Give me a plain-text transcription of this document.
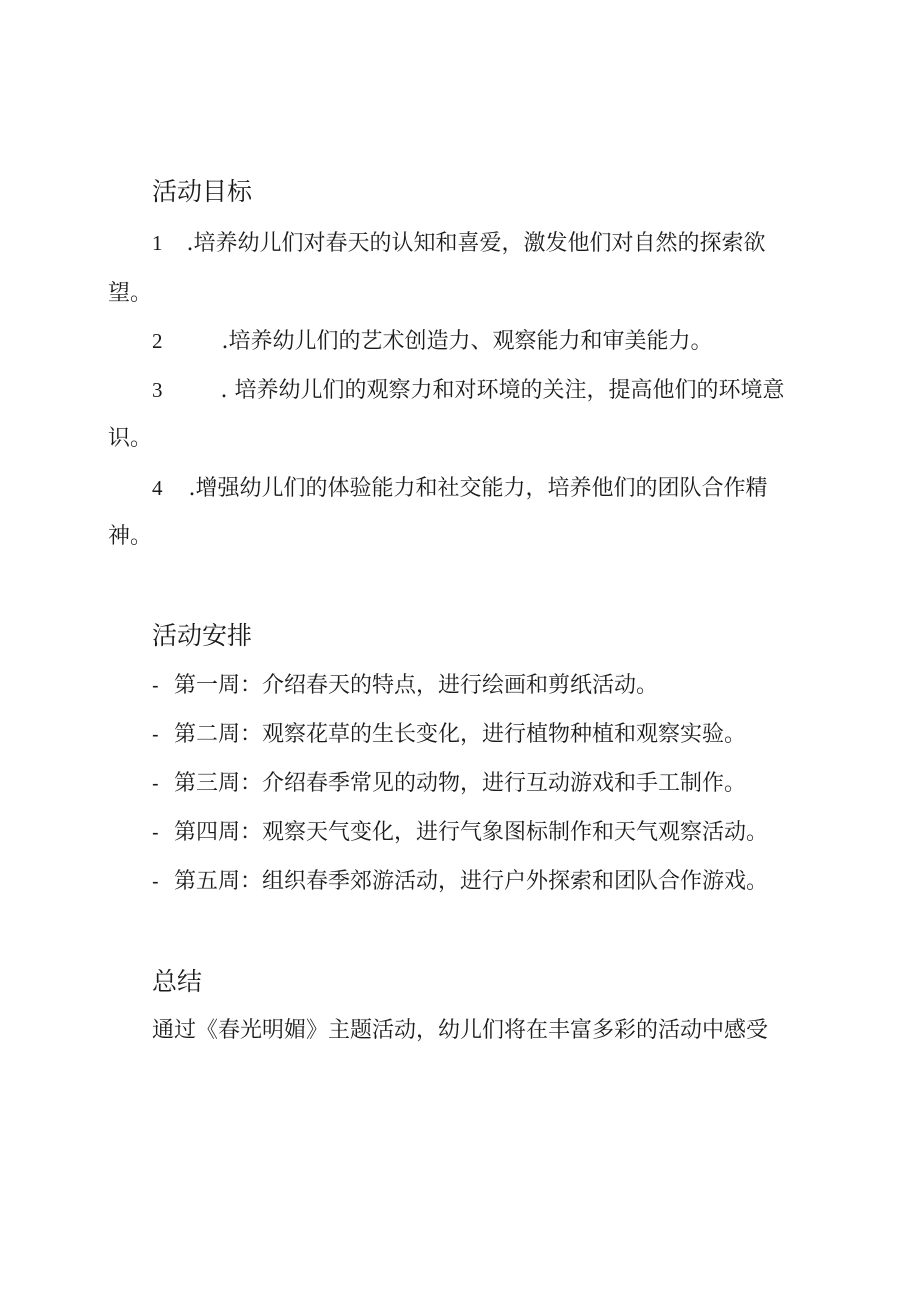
活动目标
1 .培养幼儿们对春天的认知和喜爱，激发他们对自然的探索欲
望。
2	.培养幼儿们的艺术创造力、观察能力和审美能力。
3	. 培养幼儿们的观察力和对环境的关注，提高他们的环境意
识。
4 .增强幼儿们的体验能力和社交能力，培养他们的团队合作精
神。
活动安排
- 第一周：介绍春天的特点，进行绘画和剪纸活动。
- 第二周：观察花草的生长变化，进行植物种植和观察实验。
- 第三周：介绍春季常见的动物，进行互动游戏和手工制作。
- 第四周：观察天气变化，进行气象图标制作和天气观察活动。
- 第五周：组织春季郊游活动，进行户外探索和团队合作游戏。
总结
通过《春光明媚》主题活动，幼儿们将在丰富多彩的活动中感受
